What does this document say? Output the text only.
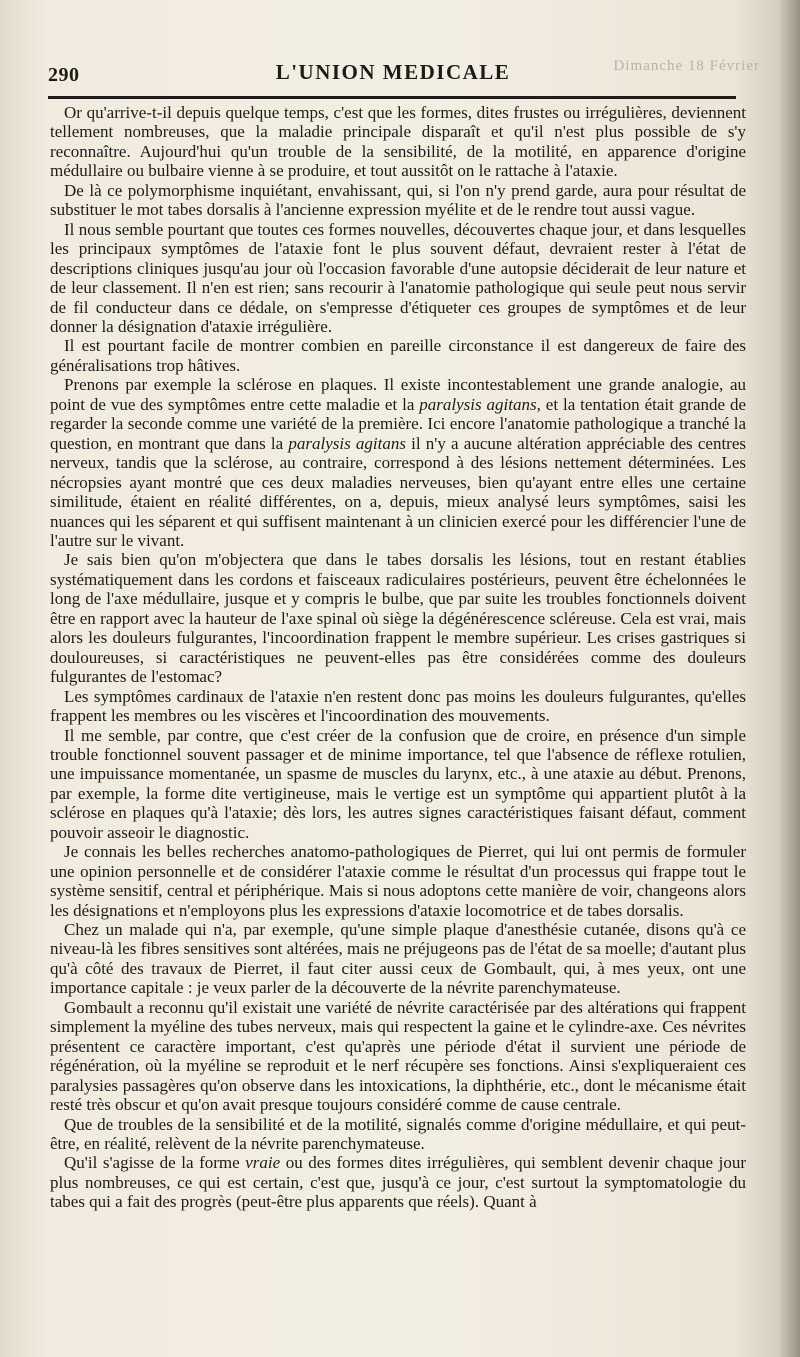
Dimanche 18 Février
290	L'UNION MEDICALE

Or qu'arrive-t-il depuis quelque temps, c'est que les formes, dites frustes ou irrégulières, deviennent tellement nombreuses, que la maladie principale disparaît et qu'il n'est plus possible de s'y reconnaître. Aujourd'hui qu'un trouble de la sensibilité, de la motilité, en apparence d'origine médullaire ou bulbaire vienne à se produire, et tout aussitôt on le rattache à l'ataxie.

De là ce polymorphisme inquiétant, envahissant, qui, si l'on n'y prend garde, aura pour résultat de substituer le mot tabes dorsalis à l'ancienne expression myélite et de le rendre tout aussi vague.

Il nous semble pourtant que toutes ces formes nouvelles, découvertes chaque jour, et dans lesquelles les principaux symptômes de l'ataxie font le plus souvent défaut, devraient rester à l'état de descriptions cliniques jusqu'au jour où l'occasion favorable d'une autopsie déciderait de leur nature et de leur classement. Il n'en est rien; sans recourir à l'anatomie pathologique qui seule peut nous servir de fil conducteur dans ce dédale, on s'empresse d'étiqueter ces groupes de symptômes et de leur donner la désignation d'ataxie irrégulière.

Il est pourtant facile de montrer combien en pareille circonstance il est dangereux de faire des généralisations trop hâtives.

Prenons par exemple la sclérose en plaques. Il existe incontestablement une grande analogie, au point de vue des symptômes entre cette maladie et la paralysis agitans, et la tentation était grande de regarder la seconde comme une variété de la première. Ici encore l'anatomie pathologique a tranché la question, en montrant que dans la paralysis agitans il n'y a aucune altération appréciable des centres nerveux, tandis que la sclérose, au contraire, correspond à des lésions nettement déterminées. Les nécropsies ayant montré que ces deux maladies nerveuses, bien qu'ayant entre elles une certaine similitude, étaient en réalité différentes, on a, depuis, mieux analysé leurs symptômes, saisi les nuances qui les séparent et qui suffisent maintenant à un clinicien exercé pour les différencier l'une de l'autre sur le vivant.

Je sais bien qu'on m'objectera que dans le tabes dorsalis les lésions, tout en restant établies systématiquement dans les cordons et faisceaux radiculaires postérieurs, peuvent être échelonnées le long de l'axe médullaire, jusque et y compris le bulbe, que par suite les troubles fonctionnels doivent être en rapport avec la hauteur de l'axe spinal où siège la dégénérescence scléreuse. Cela est vrai, mais alors les douleurs fulgurantes, l'incoordination frappent le membre supérieur. Les crises gastriques si douloureuses, si caractéristiques ne peuvent-elles pas être considérées comme des douleurs fulgurantes de l'estomac?

Les symptômes cardinaux de l'ataxie n'en restent donc pas moins les douleurs fulgurantes, qu'elles frappent les membres ou les viscères et l'incoordination des mouvements.

Il me semble, par contre, que c'est créer de la confusion que de croire, en présence d'un simple trouble fonctionnel souvent passager et de minime importance, tel que l'absence de réflexe rotulien, une impuissance momentanée, un spasme de muscles du larynx, etc., à une ataxie au début. Prenons, par exemple, la forme dite vertigineuse, mais le vertige est un symptôme qui appartient plutôt à la sclérose en plaques qu'à l'ataxie; dès lors, les autres signes caractéristiques faisant défaut, comment pouvoir asseoir le diagnostic.

Je connais les belles recherches anatomo-pathologiques de Pierret, qui lui ont permis de formuler une opinion personnelle et de considérer l'ataxie comme le résultat d'un processus qui frappe tout le système sensitif, central et périphérique. Mais si nous adoptons cette manière de voir, changeons alors les désignations et n'employons plus les expressions d'ataxie locomotrice et de tabes dorsalis.

Chez un malade qui n'a, par exemple, qu'une simple plaque d'anesthésie cutanée, disons qu'à ce niveau-là les fibres sensitives sont altérées, mais ne préjugeons pas de l'état de sa moelle; d'autant plus qu'à côté des travaux de Pierret, il faut citer aussi ceux de Gombault, qui, à mes yeux, ont une importance capitale : je veux parler de la découverte de la névrite parenchymateuse.

Gombault a reconnu qu'il existait une variété de névrite caractérisée par des altérations qui frappent simplement la myéline des tubes nerveux, mais qui respectent la gaine et le cylindre-axe. Ces névrites présentent ce caractère important, c'est qu'après une période d'état il survient une période de régénération, où la myéline se reproduit et le nerf récupère ses fonctions. Ainsi s'expliqueraient ces paralysies passagères qu'on observe dans les intoxications, la diphthérie, etc., dont le mécanisme était resté très obscur et qu'on avait presque toujours considéré comme de cause centrale.

Que de troubles de la sensibilité et de la motilité, signalés comme d'origine médullaire, et qui peut-être, en réalité, relèvent de la névrite parenchymateuse.

Qu'il s'agisse de la forme vraie ou des formes dites irrégulières, qui semblent devenir chaque jour plus nombreuses, ce qui est certain, c'est que, jusqu'à ce jour, c'est surtout la symptomatologie du tabes qui a fait des progrès (peut-être plus apparents que réels). Quant à
